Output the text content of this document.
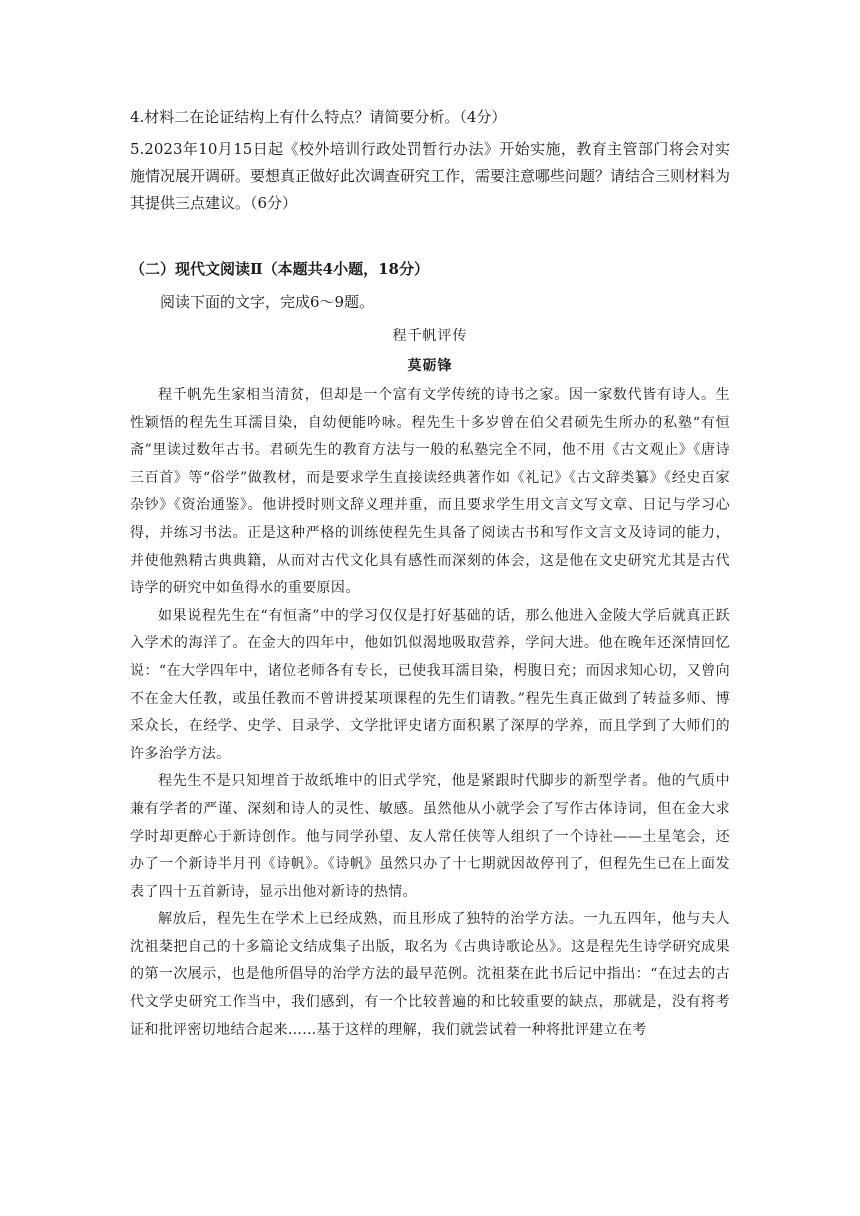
4.材料二在论证结构上有什么特点？请简要分析。（4分）

5.2023年10月15日起《校外培训行政处罚暂行办法》开始实施，教育主管部门将会对实施情况展开调研。要想真正做好此次调查研究工作，需要注意哪些问题？请结合三则材料为其提供三点建议。（6分）

（二）现代文阅读Ⅱ（本题共4小题，18分）

阅读下面的文字，完成6～9题。

程千帆评传

莫砺锋

程千帆先生家相当清贫，但却是一个富有文学传统的诗书之家。因一家数代皆有诗人。生性颖悟的程先生耳濡目染，自幼便能吟咏。程先生十多岁曾在伯父君硕先生所办的私塾“有恒斋”里读过数年古书。君硕先生的教育方法与一般的私塾完全不同，他不用《古文观止》《唐诗三百首》等“俗学”做教材，而是要求学生直接读经典著作如《礼记》《古文辞类纂》《经史百家杂钞》《资治通鉴》。他讲授时则文辞义理并重，而且要求学生用文言文写文章、日记与学习心得，并练习书法。正是这种严格的训练使程先生具备了阅读古书和写作文言文及诗词的能力，并使他熟精古典典籍，从而对古代文化具有感性而深刻的体会，这是他在文史研究尤其是古代诗学的研究中如鱼得水的重要原因。

如果说程先生在“有恒斋”中的学习仅仅是打好基础的话，那么他进入金陵大学后就真正跃入学术的海洋了。在金大的四年中，他如饥似渴地吸取营养，学问大进。他在晚年还深情回忆说：“在大学四年中，诸位老师各有专长，已使我耳濡目染，枵腹日充；而因求知心切，又曾向不在金大任教，或虽任教而不曾讲授某项课程的先生们请教。”程先生真正做到了转益多师、博采众长，在经学、史学、目录学、文学批评史诸方面积累了深厚的学养，而且学到了大师们的许多治学方法。

程先生不是只知埋首于故纸堆中的旧式学究，他是紧跟时代脚步的新型学者。他的气质中兼有学者的严谨、深刻和诗人的灵性、敏感。虽然他从小就学会了写作古体诗词，但在金大求学时却更醉心于新诗创作。他与同学孙望、友人常任侠等人组织了一个诗社——土星笔会，还办了一个新诗半月刊《诗帆》。《诗帆》虽然只办了十七期就因故停刊了，但程先生已在上面发表了四十五首新诗，显示出他对新诗的热情。

解放后，程先生在学术上已经成熟，而且形成了独特的治学方法。一九五四年，他与夫人沈祖棻把自己的十多篇论文结成集子出版，取名为《古典诗歌论丛》。这是程先生诗学研究成果的第一次展示，也是他所倡导的治学方法的最早范例。沈祖棻在此书后记中指出：“在过去的古代文学史研究工作当中，我们感到，有一个比较普遍的和比较重要的缺点，那就是，没有将考证和批评密切地结合起来……基于这样的理解，我们就尝试着一种将批评建立在考
